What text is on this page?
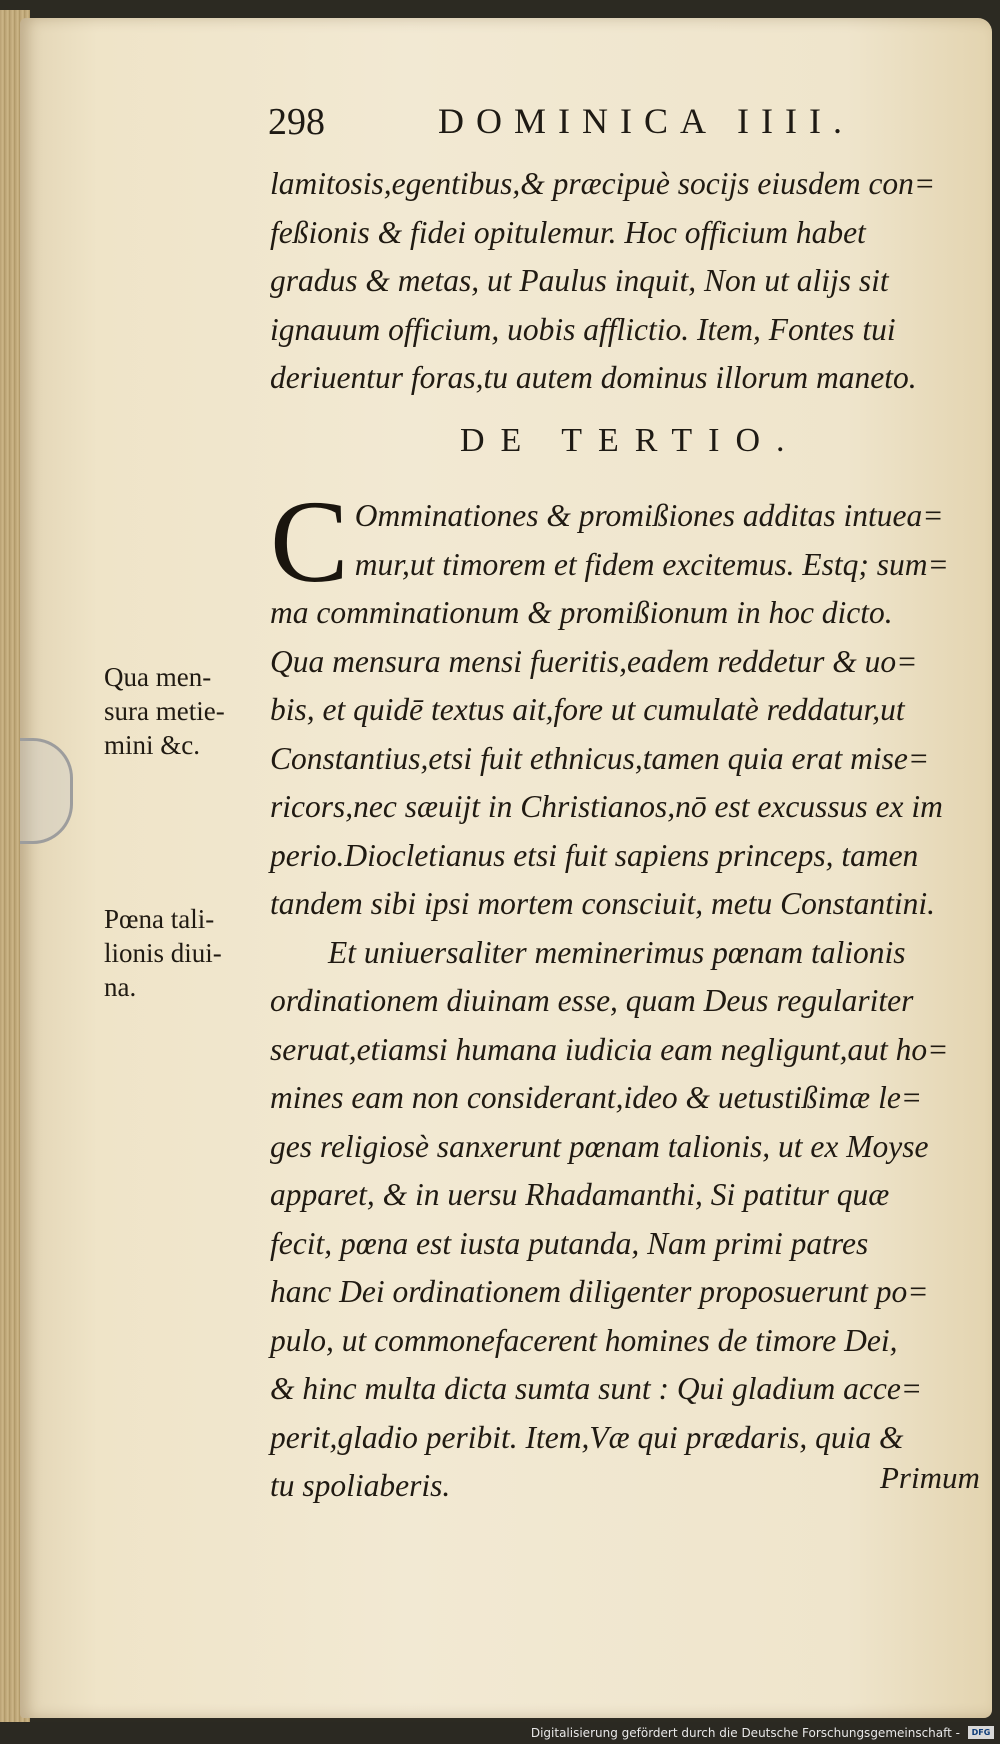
298	DOMINICA IIII.
lamitosis,egentibus,& præcipuè socijs eiusdem con=
feßionis & fidei opitulemur. Hoc officium habet
gradus & metas, ut Paulus inquit, Non ut alijs sit
ignauum officium, uobis afflictio. Item, Fontes tui
deriuentur foras,tu autem dominus illorum maneto.
DE TERTIO.

C Omminationes & promißiones additas intuea=
mur,ut timorem et fidem excitemus. Estq; sum=
ma comminationum & promißionum in hoc dicto.
Qua mensura mensi fueritis,eadem reddetur & uo=
bis, et quidē textus ait,fore ut cumulatè reddatur,ut
Constantius,etsi fuit ethnicus,tamen quia erat mise=
ricors,nec sæuijt in Christianos,nō est excussus ex im
perio.Diocletianus etsi fuit sapiens princeps, tamen
tandem sibi ipsi mortem consciuit, metu Constantini.

Et uniuersaliter meminerimus pœnam talionis
ordinationem diuinam esse, quam Deus regulariter
seruat,etiamsi humana iudicia eam negligunt,aut ho=
mines eam non considerant,ideo & uetustißimæ le=
ges religiosè sanxerunt pœnam talionis, ut ex Moyse
apparet, & in uersu Rhadamanthi, Si patitur quæ
fecit, pœna est iusta putanda, Nam primi patres
hanc Dei ordinationem diligenter proposuerunt po=
pulo, ut commonefacerent homines de timore Dei,
& hinc multa dicta sumta sunt : Qui gladium acce=
perit,gladio peribit. Item,Væ qui prædaris, quia &
tu spoliaberis.	Primum
Qua men-
sura metie-
mini &c.
Pœna tali-
lionis diui-
na.
Digitalisierung gefördert durch die Deutsche Forschungsgemeinschaft -	DFG
